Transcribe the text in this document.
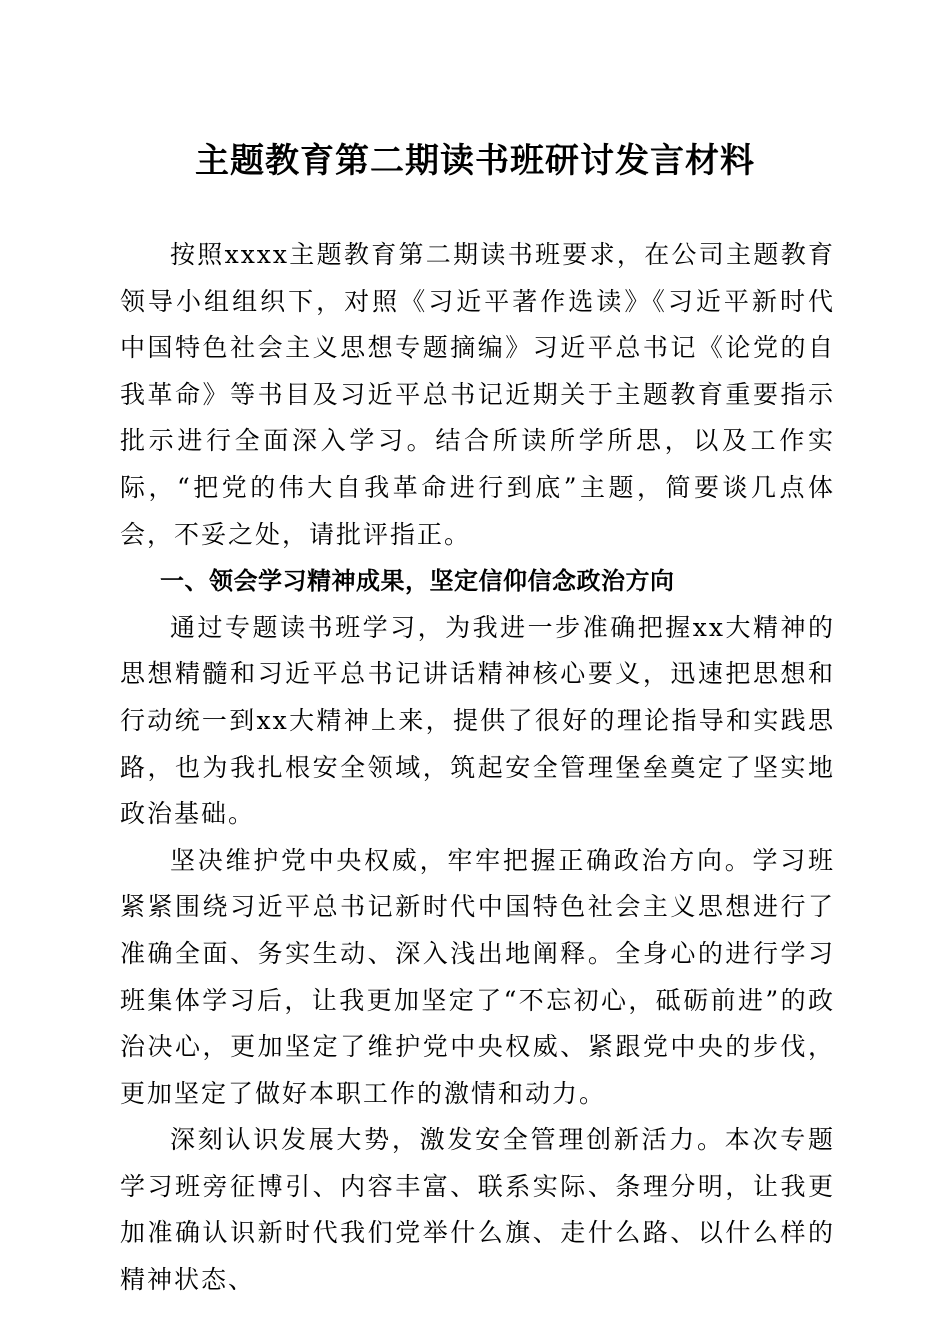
主题教育第二期读书班研讨发言材料

按照xxxx主题教育第二期读书班要求，在公司主题教育领导小组组织下，对照《习近平著作选读》《习近平新时代中国特色社会主义思想专题摘编》习近平总书记《论党的自我革命》等书目及习近平总书记近期关于主题教育重要指示批示进行全面深入学习。结合所读所学所思，以及工作实际，“把党的伟大自我革命进行到底”主题，简要谈几点体会，不妥之处，请批评指正。

一、领会学习精神成果，坚定信仰信念政治方向

通过专题读书班学习，为我进一步准确把握xx大精神的思想精髓和习近平总书记讲话精神核心要义，迅速把思想和行动统一到xx大精神上来，提供了很好的理论指导和实践思路，也为我扎根安全领域，筑起安全管理堡垒奠定了坚实地政治基础。

坚决维护党中央权威，牢牢把握正确政治方向。学习班紧紧围绕习近平总书记新时代中国特色社会主义思想进行了准确全面、务实生动、深入浅出地阐释。全身心的进行学习班集体学习后，让我更加坚定了“不忘初心，砥砺前进”的政治决心，更加坚定了维护党中央权威、紧跟党中央的步伐，更加坚定了做好本职工作的激情和动力。

深刻认识发展大势，激发安全管理创新活力。本次专题学习班旁征博引、内容丰富、联系实际、条理分明，让我更加准确认识新时代我们党举什么旗、走什么路、以什么样的精神状态、
